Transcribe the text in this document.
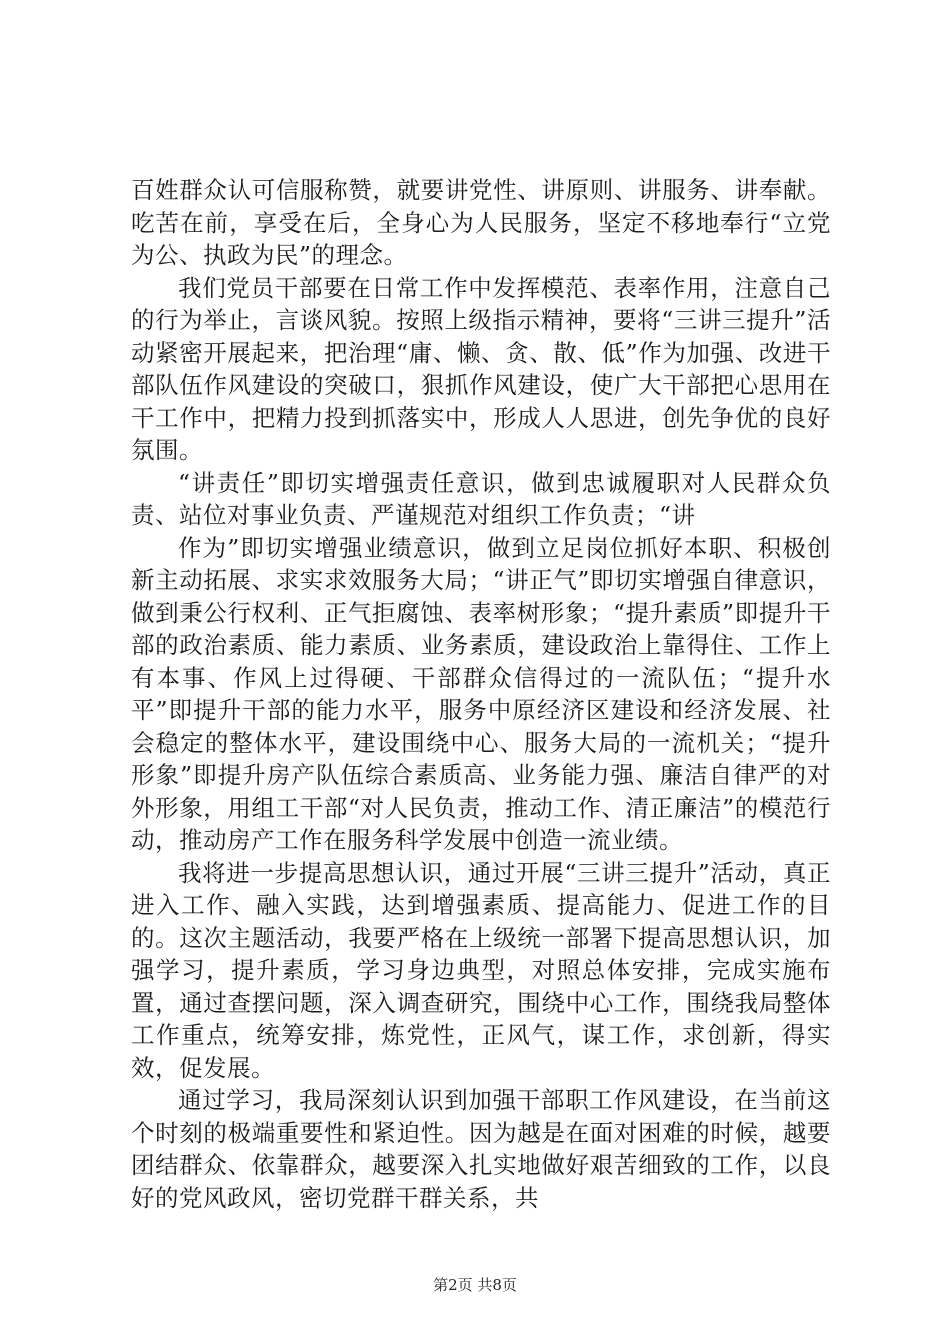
百姓群众认可信服称赞，就要讲党性、讲原则、讲服务、讲奉献。吃苦在前，享受在后，全身心为人民服务，坚定不移地奉行“立党为公、执政为民”的理念。

我们党员干部要在日常工作中发挥模范、表率作用，注意自己的行为举止，言谈风貌。按照上级指示精神，要将“三讲三提升”活动紧密开展起来，把治理“庸、懒、贪、散、低”作为加强、改进干部队伍作风建设的突破口，狠抓作风建设，使广大干部把心思用在干工作中，把精力投到抓落实中，形成人人思进，创先争优的良好氛围。

“讲责任”即切实增强责任意识，做到忠诚履职对人民群众负责、站位对事业负责、严谨规范对组织工作负责；“讲

作为”即切实增强业绩意识，做到立足岗位抓好本职、积极创新主动拓展、求实求效服务大局；“讲正气”即切实增强自律意识，做到秉公行权利、正气拒腐蚀、表率树形象；“提升素质”即提升干部的政治素质、能力素质、业务素质，建设政治上靠得住、工作上有本事、作风上过得硬、干部群众信得过的一流队伍；“提升水平”即提升干部的能力水平，服务中原经济区建设和经济发展、社会稳定的整体水平，建设围绕中心、服务大局的一流机关；“提升形象”即提升房产队伍综合素质高、业务能力强、廉洁自律严的对外形象，用组工干部“对人民负责，推动工作、清正廉洁”的模范行动，推动房产工作在服务科学发展中创造一流业绩。

我将进一步提高思想认识，通过开展“三讲三提升”活动，真正进入工作、融入实践，达到增强素质、提高能力、促进工作的目的。这次主题活动，我要严格在上级统一部署下提高思想认识，加强学习，提升素质，学习身边典型，对照总体安排，完成实施布置，通过查摆问题，深入调查研究，围绕中心工作，围绕我局整体工作重点，统筹安排，炼党性，正风气，谋工作，求创新，得实效，促发展。

通过学习，我局深刻认识到加强干部职工作风建设，在当前这个时刻的极端重要性和紧迫性。因为越是在面对困难的时候，越要团结群众、依靠群众，越要深入扎实地做好艰苦细致的工作，以良好的党风政风，密切党群干群关系，共

第2页 共8页
